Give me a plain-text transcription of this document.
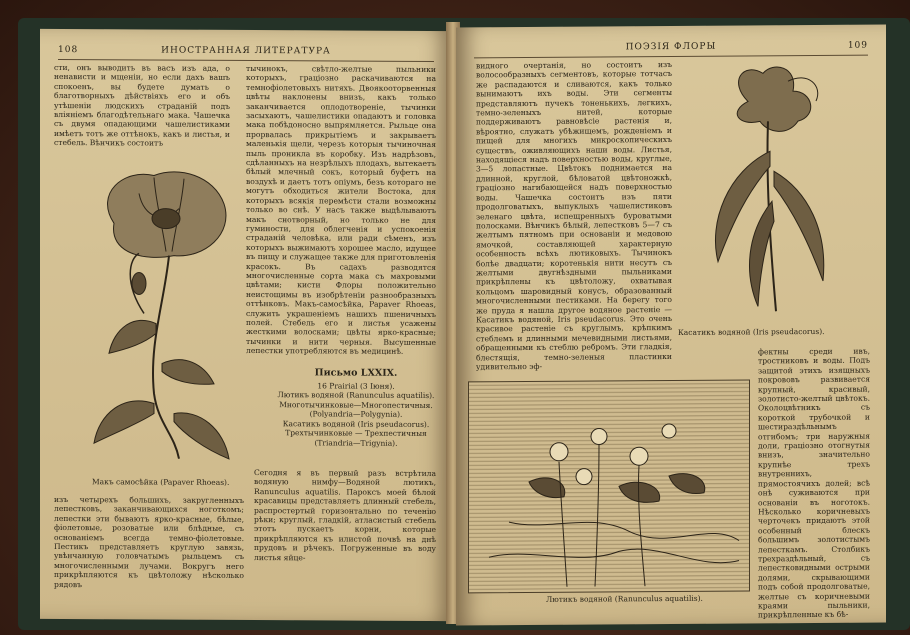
108	ИНОСТРАННАЯ ЛИТЕРАТУРА

сти, онъ выводить въ васъ изъ ада, о ненависти и мщеніи, но если дахъ вашъ спокоенъ, вы будете думать о благотворныхъ дѣйствіяхъ его и объ утѣшеніи людскихъ страданій подъ вліяніемъ благодѣтельнаго мака. Чашечка съ двумя опадающими чашелистиками имѣетъ тотъ же оттѣнокъ, какъ и листья, и стебель. Вѣнчикъ состоитъ

Макъ самосѣйка (Papaver Rhoeas).

тычинокъ, свѣтло-желтые пыльники которыхъ, граціозно раскачиваются на темнофіолетовыхъ нитяхъ. Двоякооторвенныя цвѣты наклонены внизъ, какъ только заканчивается оплодотвореніе, тычинки засыхаютъ, чашелистики опадаютъ и головка мака побѣдоносно выпрямляется. Рыльце она прорвалась прикрытіемъ и закрываетъ маленькія щели, черезъ которыя тычиночная пыль проникла въ коробку. Изъ надрѣзовъ, сдѣланныхъ на незрѣлыхъ плодахъ, вытекаетъ бѣлый млечный сокъ, который буфетъ на воздухѣ и даетъ тотъ опіумъ, безъ котораго не могутъ обходиться жители Востока, для которыхъ всякія перемѣсти стали возможны только во снѣ. У насъ также выдѣлываютъ макъ снотворный, но только не для гуминости, для облегченія и успокоенія страданій человѣка, или ради сѣменъ, изъ которыхъ выжимаютъ хорошее масло, идущее въ пищу и служащее также для приготовленія красокъ. Въ садахъ разводятся многочисленные сорта мака съ махровыми цвѣтами; кисти Флоры положительно неистощимы въ изобрѣтеніи разнообразныхъ оттѣнковъ. Макъ-самосѣйка, Papaver Rhoeas, служить украшеніемъ нашихъ пшеничныхъ полей. Стебель его и листья усажены жесткими волосками; цвѣты ярко-красные; тычинки и нити черныя. Высушенные лепестки употребляются въ медицинѣ.

Письмо LXXIX.
16 Prairial (3 Iюня).
Лютикъ водяной (Ranunculus aquatilis).
Многотычинковые—Многопестичныя. (Polyandria—Polygynia).
Касатикъ водяной (Iris pseudacorus).
Трехтычинковые — Трехпестичныя (Triandria—Trigynia).

изъ четырехъ большихъ, закругленныхъ лепестковъ, заканчивающихся ноготкомъ; лепестки эти бываютъ ярко-красные, бѣлые, фіолетовые, розоватые или блѣдные, съ основаніемъ всегда темно-фіолетовые. Пестикъ представляетъ круглую завязь, увѣнчанную головчатымъ рыльцемъ съ многочисленными лучами. Вокругъ него прикрѣпляются къ цвѣтоложу нѣсколько рядовъ

Сегодня я въ первый разъ встрѣтила водяную нимфу—Водяной лютикъ, Ranunculus aquatilis. Пароксъ моей бѣлой красавицы представляетъ длинный стебель, распростертый горизонтально по теченію рѣки; круглый, гладкій, атласистый стебель этотъ пускаетъ корни, которые прикрѣпляются къ илистой почвѣ на днѣ прудовъ и рѣчекъ. Погруженные въ воду листья яйце-

ПОЭЗІЯ ФЛОРЫ	109

видного очертанія, но состоитъ изъ волосообразныхъ сегментовъ, которые тотчасъ же распадаются и сливаются, какъ только вынимаютъ ихъ воды. Эти сегменты представляютъ пучекъ тоненькихъ, легкихъ, темно-зеленыхъ нитей, которые поддерживаютъ равновѣсіе растенія и, вѣроятно, служатъ убѣжищемъ, рожденіемъ и пищей для многихъ микроскопическихъ существъ, оживляющихъ наши воды. Листья, находящіеся надъ поверхностью воды, круглые, 3—5 лопастные. Цвѣтокъ поднимается на длинной, круглой, бѣловатой цвѣтоножкѣ, граціозно нагибающейся надъ поверхностью воды. Чашечка состоитъ изъ пяти продолговатыхъ, выпуклыхъ чашелистиковъ зеленаго цвѣта, испещренныхъ буроватыми полосками. Вѣнчикъ бѣлый, лепестковъ 5—7 съ желтымъ пятномъ при основаніи и медовою ямочкой, составляющей характерную особенность всѣхъ лютиковыхъ. Тычинокъ болѣе двадцати; коротенькія нити несутъ съ желтыми двугнѣздными пыльниками прикрѣплены къ цвѣтоложу, охватывая кольцомъ шаровидный конусъ, образованный многочисленными пестиками. На берегу того же пруда я нашла другое водяное растеніе — Касатикъ водяной, Iris pseudacorus. Это очень красивое растеніе съ круглымъ, крѣпкимъ стеблемъ и длинными мечевидными листьями, обращенными къ стеблю ребромъ. Эти гладкія, блестящія, темно-зеленыя пластинки удивительно эф-

Касатикъ водяной (Iris pseudacorus).

фектны среди ивъ, тростниковъ и воды. Подъ защитой этихъ изящныхъ покрововъ развивается крупный, красивый, золотисто-желтый цвѣтокъ. Околоцвѣтникъ съ короткой трубочкой и шестираздѣльнымъ отгибомъ; три наружныя доли, граціозно отогнутыя внизъ, значительно крупнѣе трехъ внутреннихъ, прямостоячихъ долей; всѣ онѣ суживаются при основаніи въ ноготокъ. Нѣсколько коричневыхъ черточекъ придаютъ этой особенный блескъ большимъ золотистымъ лепесткамъ. Столбикъ трехраздѣльный, съ лепестковидными острыми долями, скрывающими подъ собой продолговатые, желтые съ коричневыми краями пыльники, прикрѣпленные къ бѣ-

Лютикъ водяной (Ranunculus aquatilis).
